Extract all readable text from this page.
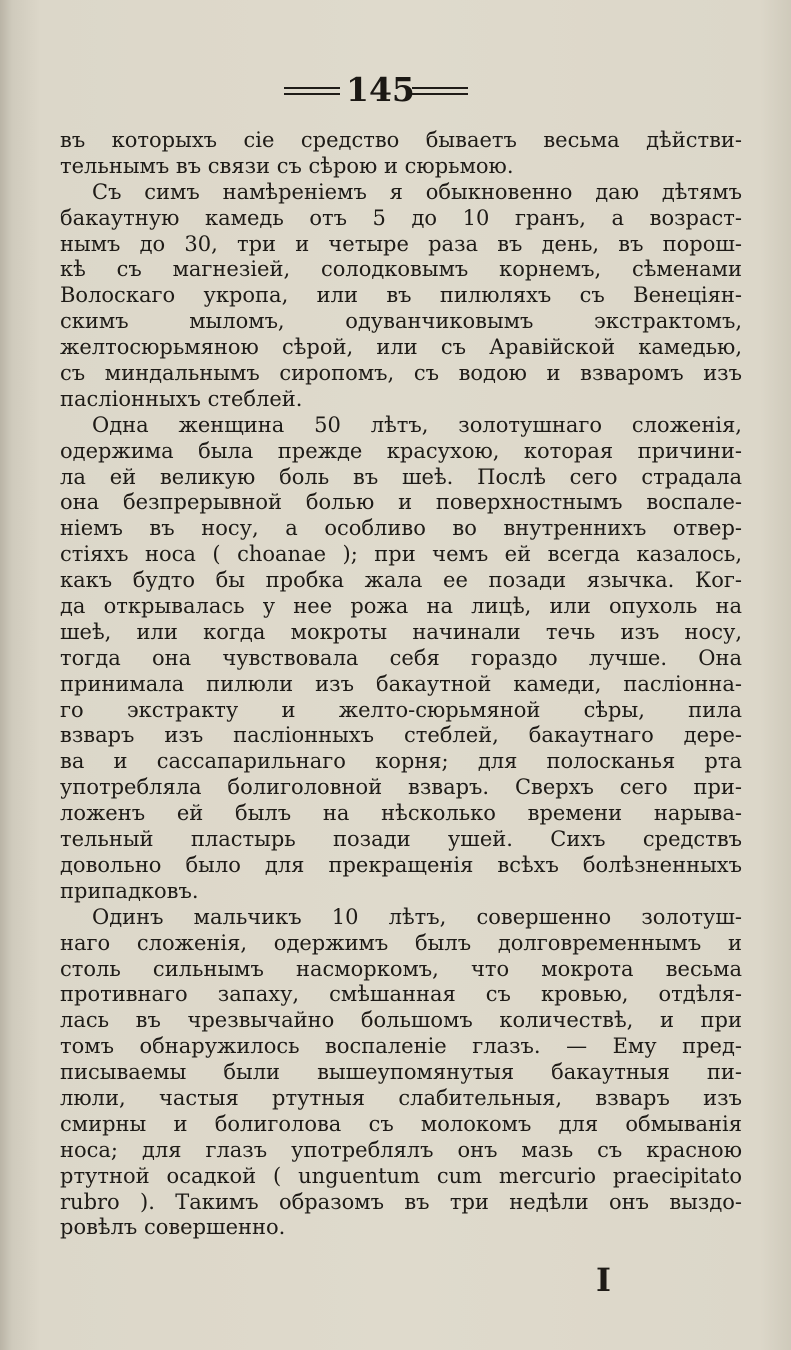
145

въ которыхъ сіе средство бываетъ весьма дѣйстви-
тельнымъ въ связи съ сѣрою и сюрьмою.

Съ симъ намѣреніемъ я обыкновенно даю дѣтямъ
бакаутную камедь отъ 5 до 10 гранъ, а возраст-
нымъ до 30, три и четыре раза въ день, въ порош-
кѣ съ магнезіей, солодковымъ корнемъ, сѣменами
Волоскаго укропа, или въ пилюляхъ съ Венеціян-
скимъ мыломъ, одуванчиковымъ экстрактомъ,
желтосюрьмяною сѣрой, или съ Аравійской камедью,
съ миндальнымъ сиропомъ, съ водою и взваромъ изъ
пасліонныхъ стеблей.

Одна женщина 50 лѣтъ, золотушнаго сложенія,
одержима была прежде красухою, которая причини-
ла ей великую боль въ шеѣ. Послѣ сего страдала
она безпрерывной болью и поверхностнымъ воспале-
ніемъ въ носу, а особливо во внутреннихъ отвер-
стіяхъ носа ( choanae ); при чемъ ей всегда казалось,
какъ будто бы пробка жала ее позади язычка. Ког-
да открывалась у нее рожа на лицѣ, или опухоль на
шеѣ, или когда мокроты начинали течь изъ носу,
тогда она чувствовала себя гораздо лучше. Она
принимала пилюли изъ бакаутной камеди, пасліонна-
го экстракту и желто-сюрьмяной сѣры, пила
взваръ изъ пасліонныхъ стеблей, бакаутнаго дере-
ва и сассапарильнаго корня; для полосканья рта
употребляла болиголовной взваръ. Сверхъ сего при-
ложенъ ей былъ на нѣсколько времени нарыва-
тельный пластырь позади ушей. Сихъ средствъ
довольно было для прекращенія всѣхъ болѣзненныхъ
припадковъ.

Одинъ мальчикъ 10 лѣтъ, совершенно золотуш-
наго сложенія, одержимъ былъ долговременнымъ и
столь сильнымъ насморкомъ, что мокрота весьма
противнаго запаху, смѣшанная съ кровью, отдѣля-
лась въ чрезвычайно большомъ количествѣ, и при
томъ обнаружилось воспаленіе глазъ. — Ему пред-
писываемы были вышеупомянутыя бакаутныя пи-
люли, частыя ртутныя слабительныя, взваръ изъ
смирны и болиголова съ молокомъ для обмыванія
носа; для глазъ употреблялъ онъ мазь съ красною
ртутной осадкой ( unguentum cum mercurio praecipitato
rubro ). Такимъ образомъ въ три недѣли онъ выздо-
ровѣлъ совершенно.

I
